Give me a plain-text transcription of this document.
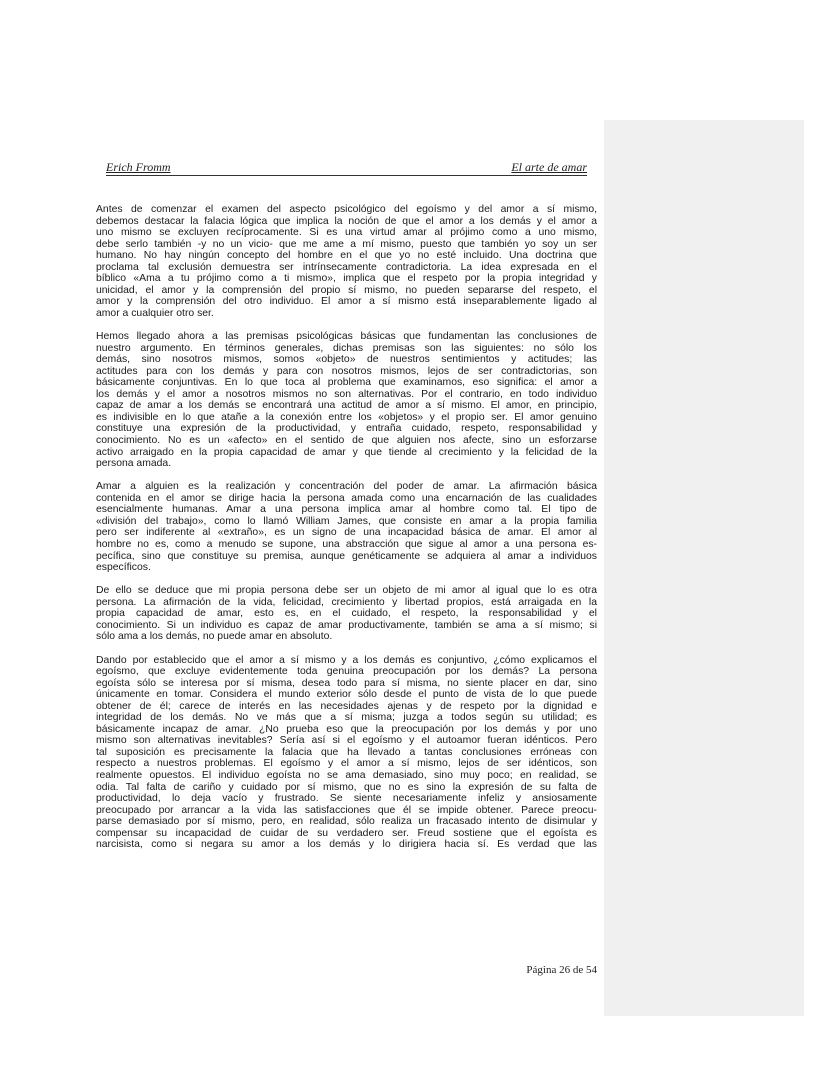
Erich Fromm	El arte de amar
Antes de comenzar el examen del aspecto psicológico del egoísmo y del amor a sí mismo,
debemos destacar la falacia lógica que implica la noción de que el amor a los demás y el amor a
uno mismo se excluyen recíprocamente. Si es una virtud amar al prójimo como a uno mismo,
debe serlo también -y no un vicio- que me ame a mí mismo, puesto que también yo soy un ser
humano. No hay ningún concepto del hombre en el que yo no esté incluido. Una doctrina que
proclama tal exclusión demuestra ser intrínsecamente contradictoria. La idea expresada en el
bíblico «Ama a tu prójimo como a ti mismo», implica que el respeto por la propia integridad y
unicidad, el amor y la comprensión del propio sí mismo, no pueden separarse del respeto, el
amor y la comprensión del otro individuo. El amor a sí mismo está inseparablemente ligado al
amor a cualquier otro ser.
Hemos llegado ahora a las premisas psicológicas básicas que fundamentan las conclusiones de
nuestro argumento. En términos generales, dichas premisas son las siguientes: no sólo los
demás, sino nosotros mismos, somos «objeto» de nuestros sentimientos y actitudes; las
actitudes para con los demás y para con nosotros mismos, lejos de ser contradictorias, son
básicamente conjuntivas. En lo que toca al problema que examinamos, eso significa: el amor a
los demás y el amor a nosotros mismos no son alternativas. Por el contrario, en todo individuo
capaz de amar a los demás se encontrará una actitud de amor a sí mismo. El amor, en principio,
es indivisible en lo que atañe a la conexión entre los «objetos» y el propio ser. El amor genuino
constituye una expresión de la productividad, y entraña cuidado, respeto, responsabilidad y
conocimiento. No es un «afecto» en el sentido de que alguien nos afecte, sino un esforzarse
activo arraigado en la propia capacidad de amar y que tiende al crecimiento y la felicidad de la
persona amada.
Amar a alguien es la realización y concentración del poder de amar. La afirmación básica
contenida en el amor se dirige hacia la persona amada como una encarnación de las cualidades
esencialmente humanas. Amar a una persona implica amar al hombre como tal. El tipo de
«división del trabajo», como lo llamó William James, que consiste en amar a la propia familia
pero ser indiferente al «extraño», es un signo de una incapacidad básica de amar. El amor al
hombre no es, como a menudo se supone, una abstracción que sigue al amor a una persona es-
pecífica, sino que constituye su premisa, aunque genéticamente se adquiera al amar a individuos
específicos.
De ello se deduce que mi propia persona debe ser un objeto de mi amor al igual que lo es otra
persona. La afirmación de la vida, felicidad, crecimiento y libertad propios, está arraigada en la
propia capacidad de amar, esto es, en el cuidado, el respeto, la responsabilidad y el
conocimiento. Si un individuo es capaz de amar productivamente, también se ama a sí mismo; si
sólo ama a los demás, no puede amar en absoluto.
Dando por establecido que el amor a sí mismo y a los demás es conjuntivo, ¿cómo explicamos el
egoísmo, que excluye evidentemente toda genuina preocupación por los demás? La persona
egoísta sólo se interesa por sí misma, desea todo para sí misma, no siente placer en dar, sino
únicamente en tomar. Considera el mundo exterior sólo desde el punto de vista de lo que puede
obtener de él; carece de interés en las necesidades ajenas y de respeto por la dignidad e
integridad de los demás. No ve más que a sí misma; juzga a todos según su utilidad; es
básicamente incapaz de amar. ¿No prueba eso que la preocupación por los demás y por uno
mismo son alternativas inevitables? Sería así si el egoísmo y el autoamor fueran idénticos. Pero
tal suposición es precisamente la falacia que ha llevado a tantas conclusiones erróneas con
respecto a nuestros problemas. El egoísmo y el amor a sí mismo, lejos de ser idénticos, son
realmente opuestos. El individuo egoísta no se ama demasiado, sino muy poco; en realidad, se
odia. Tal falta de cariño y cuidado por sí mismo, que no es sino la expresión de su falta de
productividad, lo deja vacío y frustrado. Se siente necesariamente infeliz y ansiosamente
preocupado por arrancar a la vida las satisfacciones que él se impide obtener. Parece preocu-
parse demasiado por sí mismo, pero, en realidad, sólo realiza un fracasado intento de disimular y
compensar su incapacidad de cuidar de su verdadero ser. Freud sostiene que el egoísta es
narcisista, como si negara su amor a los demás y lo dirigiera hacia sí. Es verdad que las
Página 26 de 54
